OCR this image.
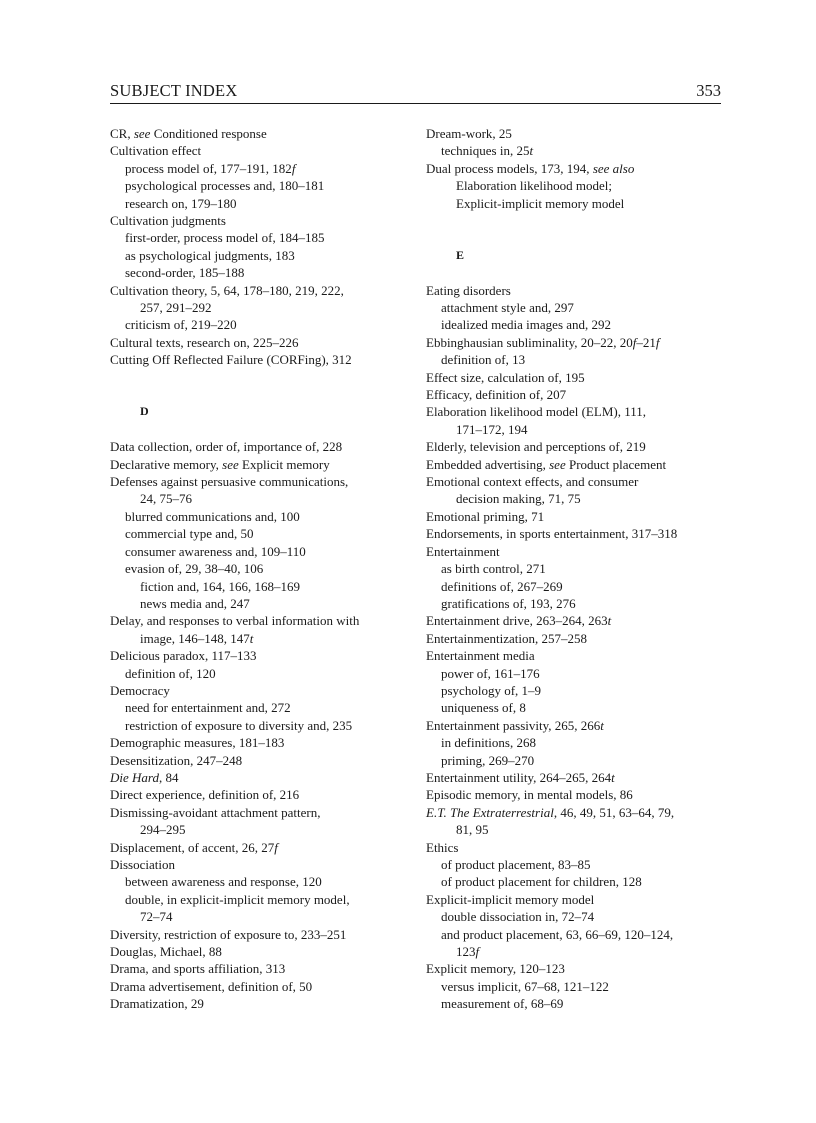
SUBJECT INDEX	353
CR, see Conditioned response
Cultivation effect
process model of, 177–191, 182f
psychological processes and, 180–181
research on, 179–180
Cultivation judgments
first-order, process model of, 184–185
as psychological judgments, 183
second-order, 185–188
Cultivation theory, 5, 64, 178–180, 219, 222,
257, 291–292
criticism of, 219–220
Cultural texts, research on, 225–226
Cutting Off Reflected Failure (CORFing), 312
D
Data collection, order of, importance of, 228
Declarative memory, see Explicit memory
Defenses against persuasive communications,
24, 75–76
blurred communications and, 100
commercial type and, 50
consumer awareness and, 109–110
evasion of, 29, 38–40, 106
fiction and, 164, 166, 168–169
news media and, 247
Delay, and responses to verbal information with
image, 146–148, 147t
Delicious paradox, 117–133
definition of, 120
Democracy
need for entertainment and, 272
restriction of exposure to diversity and, 235
Demographic measures, 181–183
Desensitization, 247–248
Die Hard, 84
Direct experience, definition of, 216
Dismissing-avoidant attachment pattern,
294–295
Displacement, of accent, 26, 27f
Dissociation
between awareness and response, 120
double, in explicit-implicit memory model,
72–74
Diversity, restriction of exposure to, 233–251
Douglas, Michael, 88
Drama, and sports affiliation, 313
Drama advertisement, definition of, 50
Dramatization, 29
Dream-work, 25
techniques in, 25t
Dual process models, 173, 194, see also
Elaboration likelihood model;
Explicit-implicit memory model
E
Eating disorders
attachment style and, 297
idealized media images and, 292
Ebbinghausian subliminality, 20–22, 20f–21f
definition of, 13
Effect size, calculation of, 195
Efficacy, definition of, 207
Elaboration likelihood model (ELM), 111,
171–172, 194
Elderly, television and perceptions of, 219
Embedded advertising, see Product placement
Emotional context effects, and consumer
decision making, 71, 75
Emotional priming, 71
Endorsements, in sports entertainment, 317–318
Entertainment
as birth control, 271
definitions of, 267–269
gratifications of, 193, 276
Entertainment drive, 263–264, 263t
Entertainmentization, 257–258
Entertainment media
power of, 161–176
psychology of, 1–9
uniqueness of, 8
Entertainment passivity, 265, 266t
in definitions, 268
priming, 269–270
Entertainment utility, 264–265, 264t
Episodic memory, in mental models, 86
E.T. The Extraterrestrial, 46, 49, 51, 63–64, 79,
81, 95
Ethics
of product placement, 83–85
of product placement for children, 128
Explicit-implicit memory model
double dissociation in, 72–74
and product placement, 63, 66–69, 120–124,
123f
Explicit memory, 120–123
versus implicit, 67–68, 121–122
measurement of, 68–69
